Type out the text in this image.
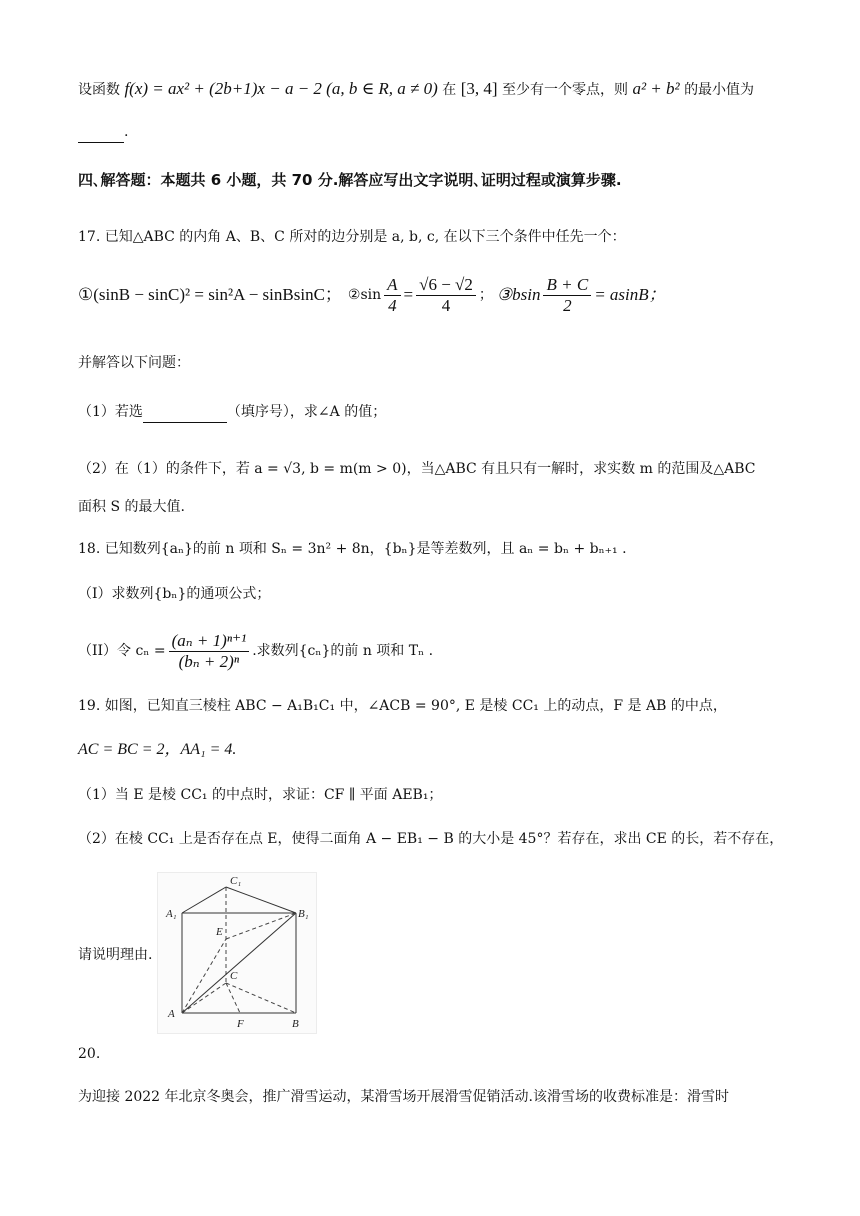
设函数 f(x) = ax² + (2b+1)x − a − 2 (a, b ∈ R, a ≠ 0) 在 [3, 4] 至少有一个零点，则 a² + b² 的最小值为
.
四､解答题：本题共 6 小题，共 70 分.解答应写出文字说明､证明过程或演算步骤.
17. 已知△ABC 的内角 A、B、C 所对的边分别是 a, b, c, 在以下三个条件中任先一个：
①(sinB − sinC)² = sin²A − sinBsinC； ②sin $\frac{A}{4} = \frac{√6 - √2}{4}$ ； ③bsin $\frac{B + C}{2} = asinB$；
并解答以下问题：
（1）若选	（填序号），求∠A 的值；
（2）在（1）的条件下，若 a = √3, b = m(m > 0)，当△ABC 有且只有一解时，求实数 m 的范围及△ABC
面积 S 的最大值.
18. 已知数列{aₙ}的前 n 项和 Sₙ = 3n² + 8n，{bₙ}是等差数列，且 aₙ = bₙ + bₙ₊₁ .
（I）求数列{bₙ}的通项公式；
（II）令 $c_n = \frac{\text{(aₙ + 1)ⁿ⁺¹}}{\text{(bₙ + 2)ⁿ}}$ .求数列{cₙ}的前 n 项和 Tₙ .
19. 如图，已知直三棱柱 ABC − A₁B₁C₁ 中，∠ACB = 90°, E 是棱 CC₁ 上的动点，F 是 AB 的中点，
AC = BC = 2，AA₁ = 4.
（1）当 E 是棱 CC₁ 的中点时，求证：CF ∥ 平面 AEB₁；
（2）在棱 CC₁ 上是否存在点 E，使得二面角 A − EB₁ − B 的大小是 45°？若存在，求出 CE 的长，若不存在，
请说明理由.
C₁
A₁	B₁
E
C
A
F	B
20.
为迎接 2022 年北京冬奥会，推广滑雪运动，某滑雪场开展滑雪促销活动.该滑雪场的收费标准是：滑雪时
